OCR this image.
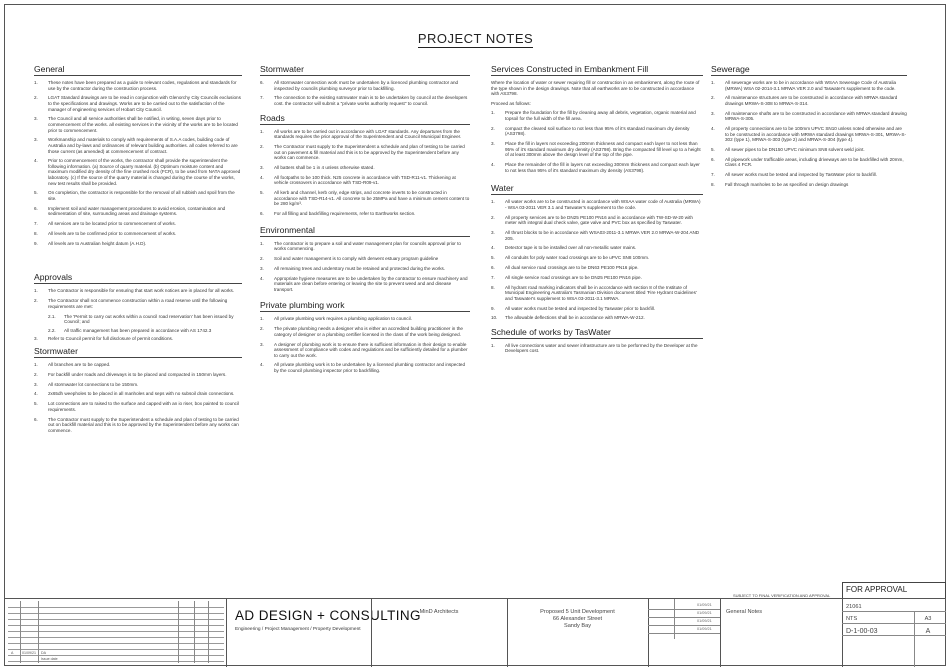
PROJECT NOTES
General
1.	These notes have been prepared as a guide to relevant codes, regulations and standards for use by the contractor during the construction process.
2.	LGAT Standard drawings are to be read in conjunction with Glenorchy City Councils exclusions to the specifications and drawings. Works are to be carried out to the satisfaction of the manager of engineering services of Hobart City Council.
3.	The Council and all service authorities shall be notified, in writing, seven days prior to commencement of the works. all existing services in the vicinity of the works are to be located prior to commencement.
3.	Workmanship and materials to comply with requirements of S.A.A codes, building code of Australia and by-laws and ordinances of relevant building authorities. all codes referred to are those current (as amended) at commencement of contract.
4.	Prior to commencement of the works, the contractor shall provide the superintendent the following information. (a) Source of quarry material. (b) Optimum moisture content and maximum modified dry density of the fine crushed rock (FCR), to be used from NATA approved laboratory. (c) If the source of the quarry material is changed during the course of the works, new test results shall be provided.
5.	On completion, the contractor is responsible for the removal of all rubbish and spoil from the site.
6.	Implement soil and water management procedures to avoid erosion, contamination and sedimentation of site, surrounding areas and drainage systems.
7.	All services are to be located prior to commencement of works.
8.	All levels are to be confirmed prior to commencement of works.
9.	All levels are to Australian height datum (A.H.D).
Approvals
1.	The Contractor is responsible for ensuring that start work notices are in placed for all works.
2.	The Contractor shall not commence construction within a road reserve until the following requirements are met:
2.1.	The 'Permit to carry out works within a council road reservation' has been issued by Council; and
2.2.	All traffic management has been prepared in accordance with AS 1742.3
3.	Refer to Council permit for full disclosure of permit conditions.
Stormwater
1.	All branches are to be capped.
2.	For backfill under roads and driveways is to be placed and compacted in 150mm layers.
3.	All stormwater lot connections to be 150mm.
4.	2x65dh weepholes to be placed in all manholes and seps with no subsoil drain connections.
5.	Lot connections are to raised to the surface and capped with an io riser, box painted to council requirements.
6.	The Contractor must supply to the Superintendent a schedule and plan of testing to be carried out on backfill material and this is to be approved by the Superintendent before any works can commence.
Stormwater
6.	All stormwater connection work must be undertaken by a licenced plumbing contractor and inspected by councils plumbing surveyor prior to backfilling.
7.	The connection to the existing sotmwater main is to be undertaken by council at the developers cost. the contractor will submit a "private works authority request" to council.
Roads
1.	All works are to be carried out in accordance with LGAT standards. Any departures from the standards requires the prior approval of the Superintendent and Council Municipal Engineer.
2.	The Contractor must supply to the Superintendent a schedule and plan of testing to be carried out on pavement & fill material and this is to be approved by the Superintendent before any works can commence.
3.	All batters shall be 1 in 4 unless otherwise stated.
4.	All footpaths to be 100 thick. N25 concrete in accordance with TSD-R11-v1. Thickening at vehicle crossovers in accordance with TSD-R09-v1.
5.	All kerb and channel, kerb only, edge strips, and concrete inverts to be constructed in accordance with TSD-R14-v1. All concrete to be 25MPa and have a minimum cement content to be 280 kg/m³.
6.	For all filling and backfilling requirements, refer to Earthworks section.
Environmental
1.	The contractor is to prepare a soil and water management plan for councils approval prior to works commencing.
2.	Soil and water management is to comply with derwent estuary program guideline
3.	All remaining trees and understory must be retained and protected during the works.
4.	Appropriate hygiene measures are to be undertaken by the contractor to ensure machinery and materials are clean before entering or leaving the site to prevent weed and and disease transport.
Private plumbing work
1.	All private plumbing work requires a plumbing application to council.
2.	The private plumbing needs a designer who is either an accredited building practitioner in the category of designer or a plumbing certifier licensed in the class of the work being designed.
3.	A designer of plumbing work is to ensure there is sufficient information in their design to enable assessment of compliance with codes and regulations and be sufficiently detailed for a plumber to carry out the work.
4.	All private plumbing work is to be undertaken by a licensed plumbing contractor and inspected by the council plumbing inspector prior to backfilling.
Services Constructed in Embankment Fill
Where the location of water or sewer requiring fill or construction in an embankment, along the route of the type shown in the design drawings. Note that all earthworks are to be constructed in accordance with AS3798.
Proceed as follows:
1.	Prepare the foundation for the fill by cleaning away all debris, vegetation, organic material and topsoil for the full width of the fill area.
2.	compact the cleared soil surface to not less than 95% of it's standard maximum dry density (AS3798).
3.	Place the fill in layers not exceeding 200mm thickness and compact each layer to not less than 95% of it's standard maximum dry density (AS3798). Bring the compacted fill level up to a height of at least 300mm above the design level of the top of the pipe.
4.	Place the remainder of the fill in layers not exceeding 300mm thickness and compact each layer to not less than 95% of it's standard maximum dry density (AS3798).
Water
1.	All water works are to be constructed in accordance with WSAA water code of Australia (MRWA) - WSA 03-2011 VER 3.1 and Taswater's supplement to the code.
2.	All property services are to be DN25 PE100 PN16 and in accordance with TW-SD-W-20 with meter with integral dual check valve, gate valve and PVC box as specified by Taswater.
3.	All thrust blocks to be in accordance with WSA03-2011-3.1 MRWA VER 2.0 MRWA-W-204 AND 205.
4.	Detector tape is to be installed over all non-metallic water mains.
5.	All conduits for poly water road crossings are to be uPVC SN8 100mm.
6.	All dual service road crossings are to be DN63 PE100 PN16 pipe.
7.	All single service road crossings are to be DN25 PE100 PN16 pipe.
8.	All hydrant road marking indicators shall be in accordance with section 8 of the Institute of Municipal Engineering Australia's Tasmanian Division document titled 'Fire Hydrant Guidelines' and Taswater's supplement to WSA 03-2011-3.1 MRWA.
9.	All water works must be tested and inspected by Taswater prior to backfill.
10.	The allowable deflections shall be in accordance with MRWA-W-212.
Schedule of works by TasWater
1.	All live connections water and sewer infrastructure are to be performed by the Developer at the Developers cost.
Sewerage
1.	All sewerage works are to be in accordance with WSAA Sewerage Code of Australia (MRWA) WSA 02-2014-3.1 MRWA VER 2.0 and Taswater's supplement to the code.
2.	All maintenance structures are to be constructed in accordance with MRWA standard drawings MRWA-S-308 to MRWA-S-314.
3.	All maintenance shafts are to be constructed in accordance with MRWA standard drawing MRWA-S-305.
4.	All property connections are to be 100mm UPVC SN10 unless noted otherwise and are to be constructed in accordance with MRWA standard drawings MRWA-S-301, MRWA-S-302 (type 1), MRWA-S-303 (type 2) and MRWA-S-304 (type 4).
5.	All sewer pipes to be DN150 UPVC minimum SN8 solvent weld joint.
6.	All pipework under trafficable areas, including driveways are to be backfilled with 20mm, Class 4 FCR.
7.	All sewer works must be tested and inspected by TasWater prior to backfill.
8.	Fall through manholes to be as specified on design drawings
SUBJECT TO FINAL VERIFICATION AND APPROVAL
FOR APPROVAL
A 01/09/21 DA
Issue date
AD DESIGN + CONSULTING
Engineering / Project Management / Property Development
MinD Architects	Proposed 5 Unit Development
66 Alexander Street
Sandy Bay
01/09/21
01/09/21
01/09/21
01/09/21
General Notes
21061
NTS	A3
D-1-00-03	A
